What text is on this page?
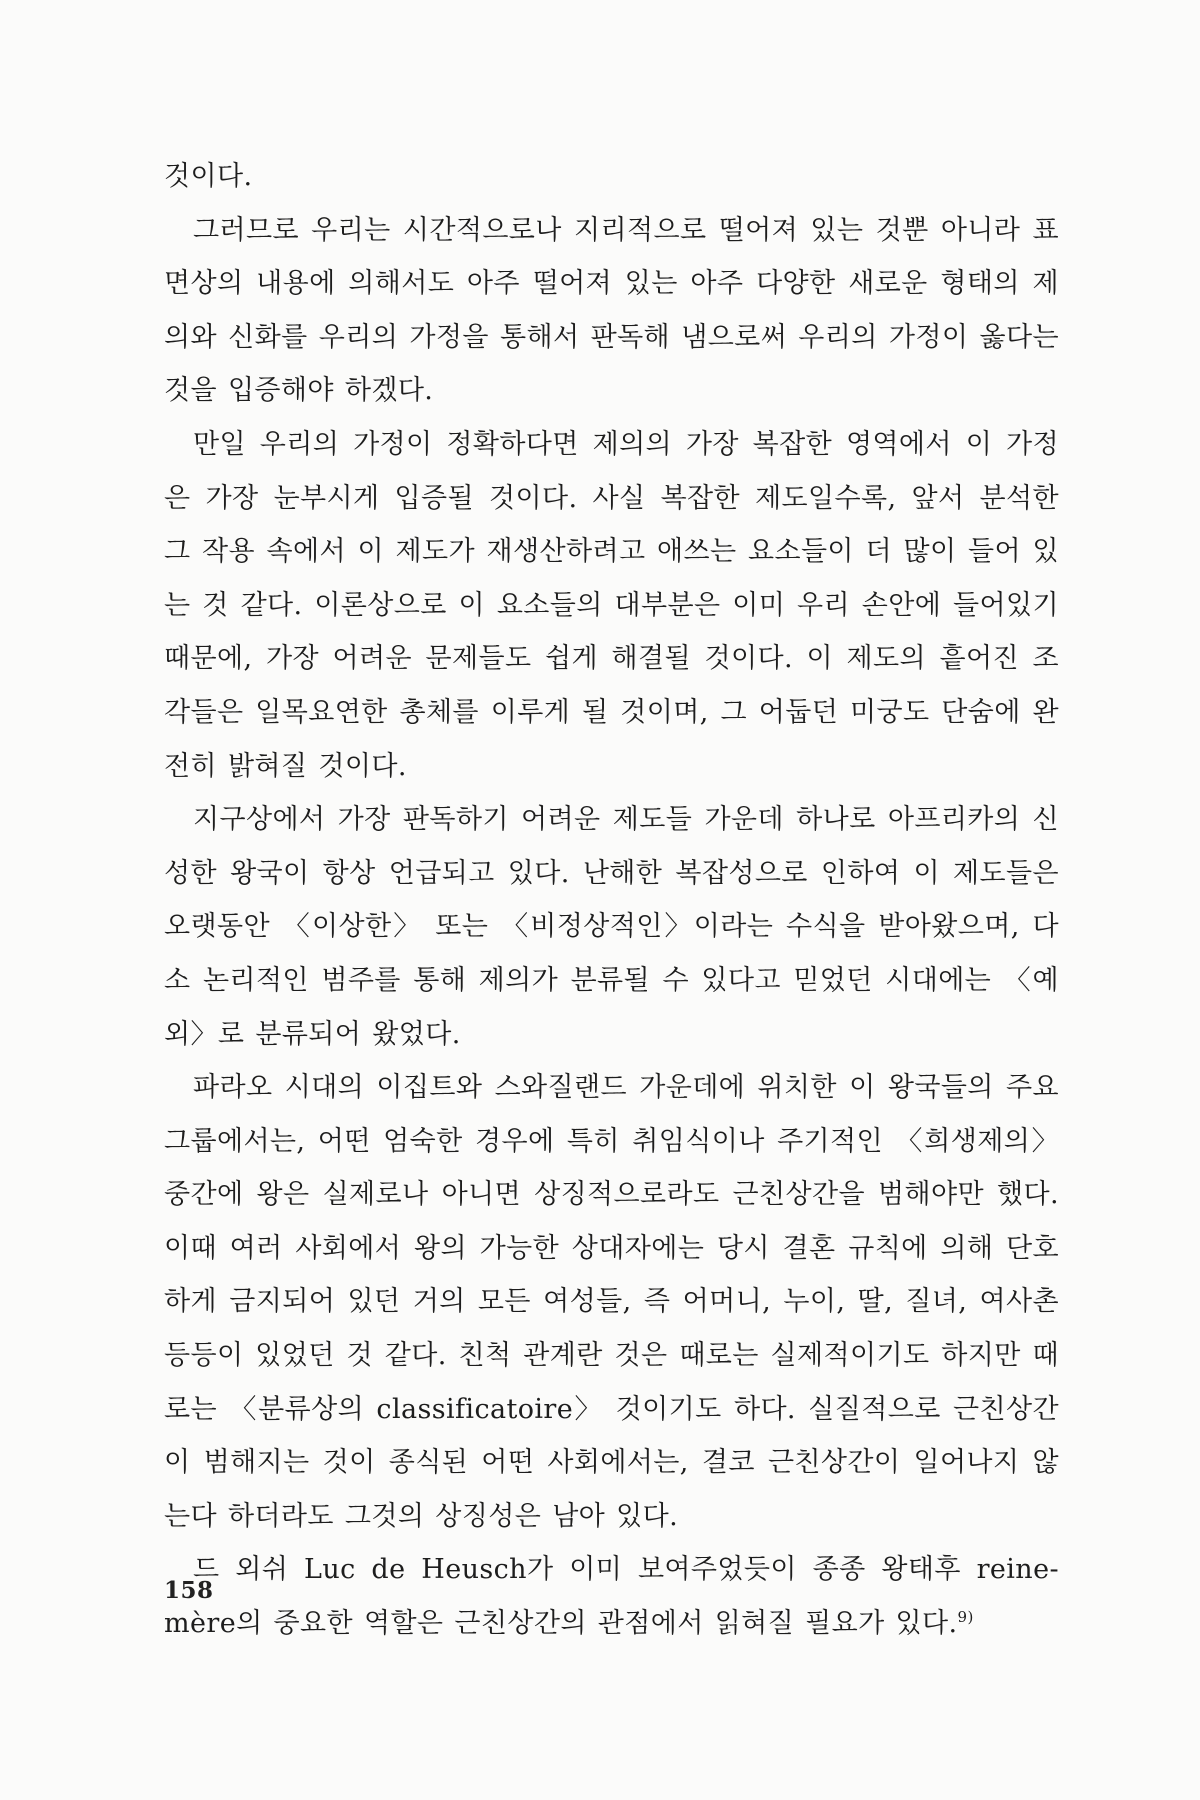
것이다.

그러므로 우리는 시간적으로나 지리적으로 떨어져 있는 것뿐 아니라 표면상의 내용에 의해서도 아주 떨어져 있는 아주 다양한 새로운 형태의 제의와 신화를 우리의 가정을 통해서 판독해 냄으로써 우리의 가정이 옳다는 것을 입증해야 하겠다.

만일 우리의 가정이 정확하다면 제의의 가장 복잡한 영역에서 이 가정은 가장 눈부시게 입증될 것이다. 사실 복잡한 제도일수록, 앞서 분석한 그 작용 속에서 이 제도가 재생산하려고 애쓰는 요소들이 더 많이 들어 있는 것 같다. 이론상으로 이 요소들의 대부분은 이미 우리 손안에 들어있기 때문에, 가장 어려운 문제들도 쉽게 해결될 것이다. 이 제도의 흩어진 조각들은 일목요연한 총체를 이루게 될 것이며, 그 어둡던 미궁도 단숨에 완전히 밝혀질 것이다.

지구상에서 가장 판독하기 어려운 제도들 가운데 하나로 아프리카의 신성한 왕국이 항상 언급되고 있다. 난해한 복잡성으로 인하여 이 제도들은 오랫동안 〈이상한〉 또는 〈비정상적인〉이라는 수식을 받아왔으며, 다소 논리적인 범주를 통해 제의가 분류될 수 있다고 믿었던 시대에는 〈예외〉로 분류되어 왔었다.

파라오 시대의 이집트와 스와질랜드 가운데에 위치한 이 왕국들의 주요 그룹에서는, 어떤 엄숙한 경우에 특히 취임식이나 주기적인 〈희생제의〉 중간에 왕은 실제로나 아니면 상징적으로라도 근친상간을 범해야만 했다. 이때 여러 사회에서 왕의 가능한 상대자에는 당시 결혼 규칙에 의해 단호하게 금지되어 있던 거의 모든 여성들, 즉 어머니, 누이, 딸, 질녀, 여사촌 등등이 있었던 것 같다. 친척 관계란 것은 때로는 실제적이기도 하지만 때로는 〈분류상의 classificatoire〉 것이기도 하다. 실질적으로 근친상간이 범해지는 것이 종식된 어떤 사회에서는, 결코 근친상간이 일어나지 않는다 하더라도 그것의 상징성은 남아 있다.

드 외쉬 Luc de Heusch가 이미 보여주었듯이 종종 왕태후 reine-mère의 중요한 역할은 근친상간의 관점에서 읽혀질 필요가 있다.$^{9)}$

158
